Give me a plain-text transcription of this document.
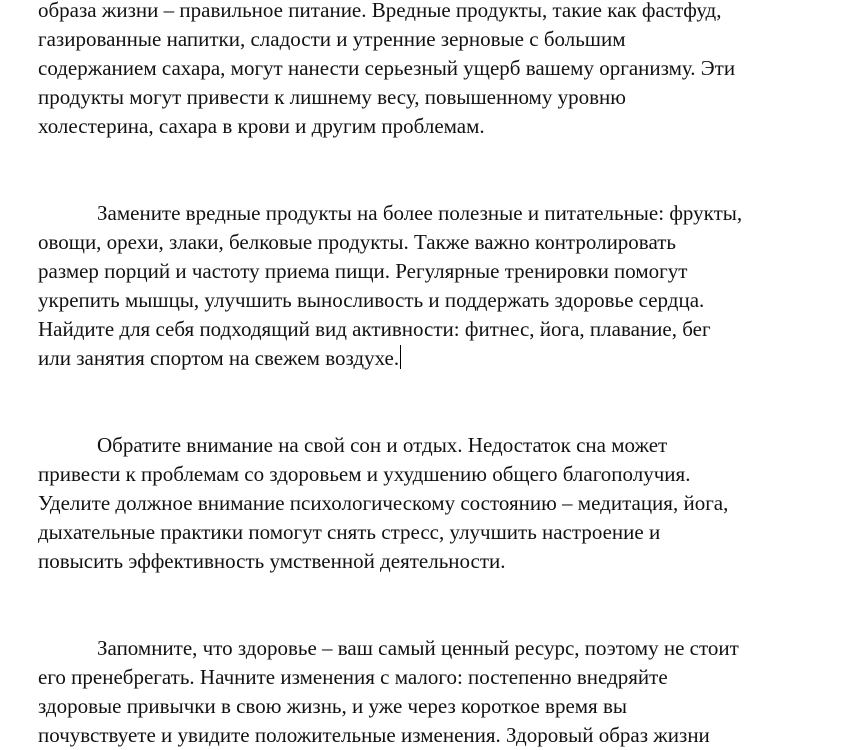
образа жизни – правильное питание. Вредные продукты, такие как фастфуд,
газированные напитки, сладости и утренние зерновые с большим
содержанием сахара, могут нанести серьезный ущерб вашему организму. Эти
продукты могут привести к лишнему весу, повышенному уровню
холестерина, сахара в крови и другим проблемам.

Замените вредные продукты на более полезные и питательные: фрукты,
овощи, орехи, злаки, белковые продукты. Также важно контролировать
размер порций и частоту приема пищи. Регулярные тренировки помогут
укрепить мышцы, улучшить выносливость и поддержать здоровье сердца.
Найдите для себя подходящий вид активности: фитнес, йога, плавание, бег
или занятия спортом на свежем воздухе.

Обратите внимание на свой сон и отдых. Недостаток сна может
привести к проблемам со здоровьем и ухудшению общего благополучия.
Уделите должное внимание психологическому состоянию – медитация, йога,
дыхательные практики помогут снять стресс, улучшить настроение и
повысить эффективность умственной деятельности.

Запомните, что здоровье – ваш самый ценный ресурс, поэтому не стоит
его пренебрегать. Начните изменения с малого: постепенно внедряйте
здоровые привычки в свою жизнь, и уже через короткое время вы
почувствуете и увидите положительные изменения. Здоровый образ жизни
